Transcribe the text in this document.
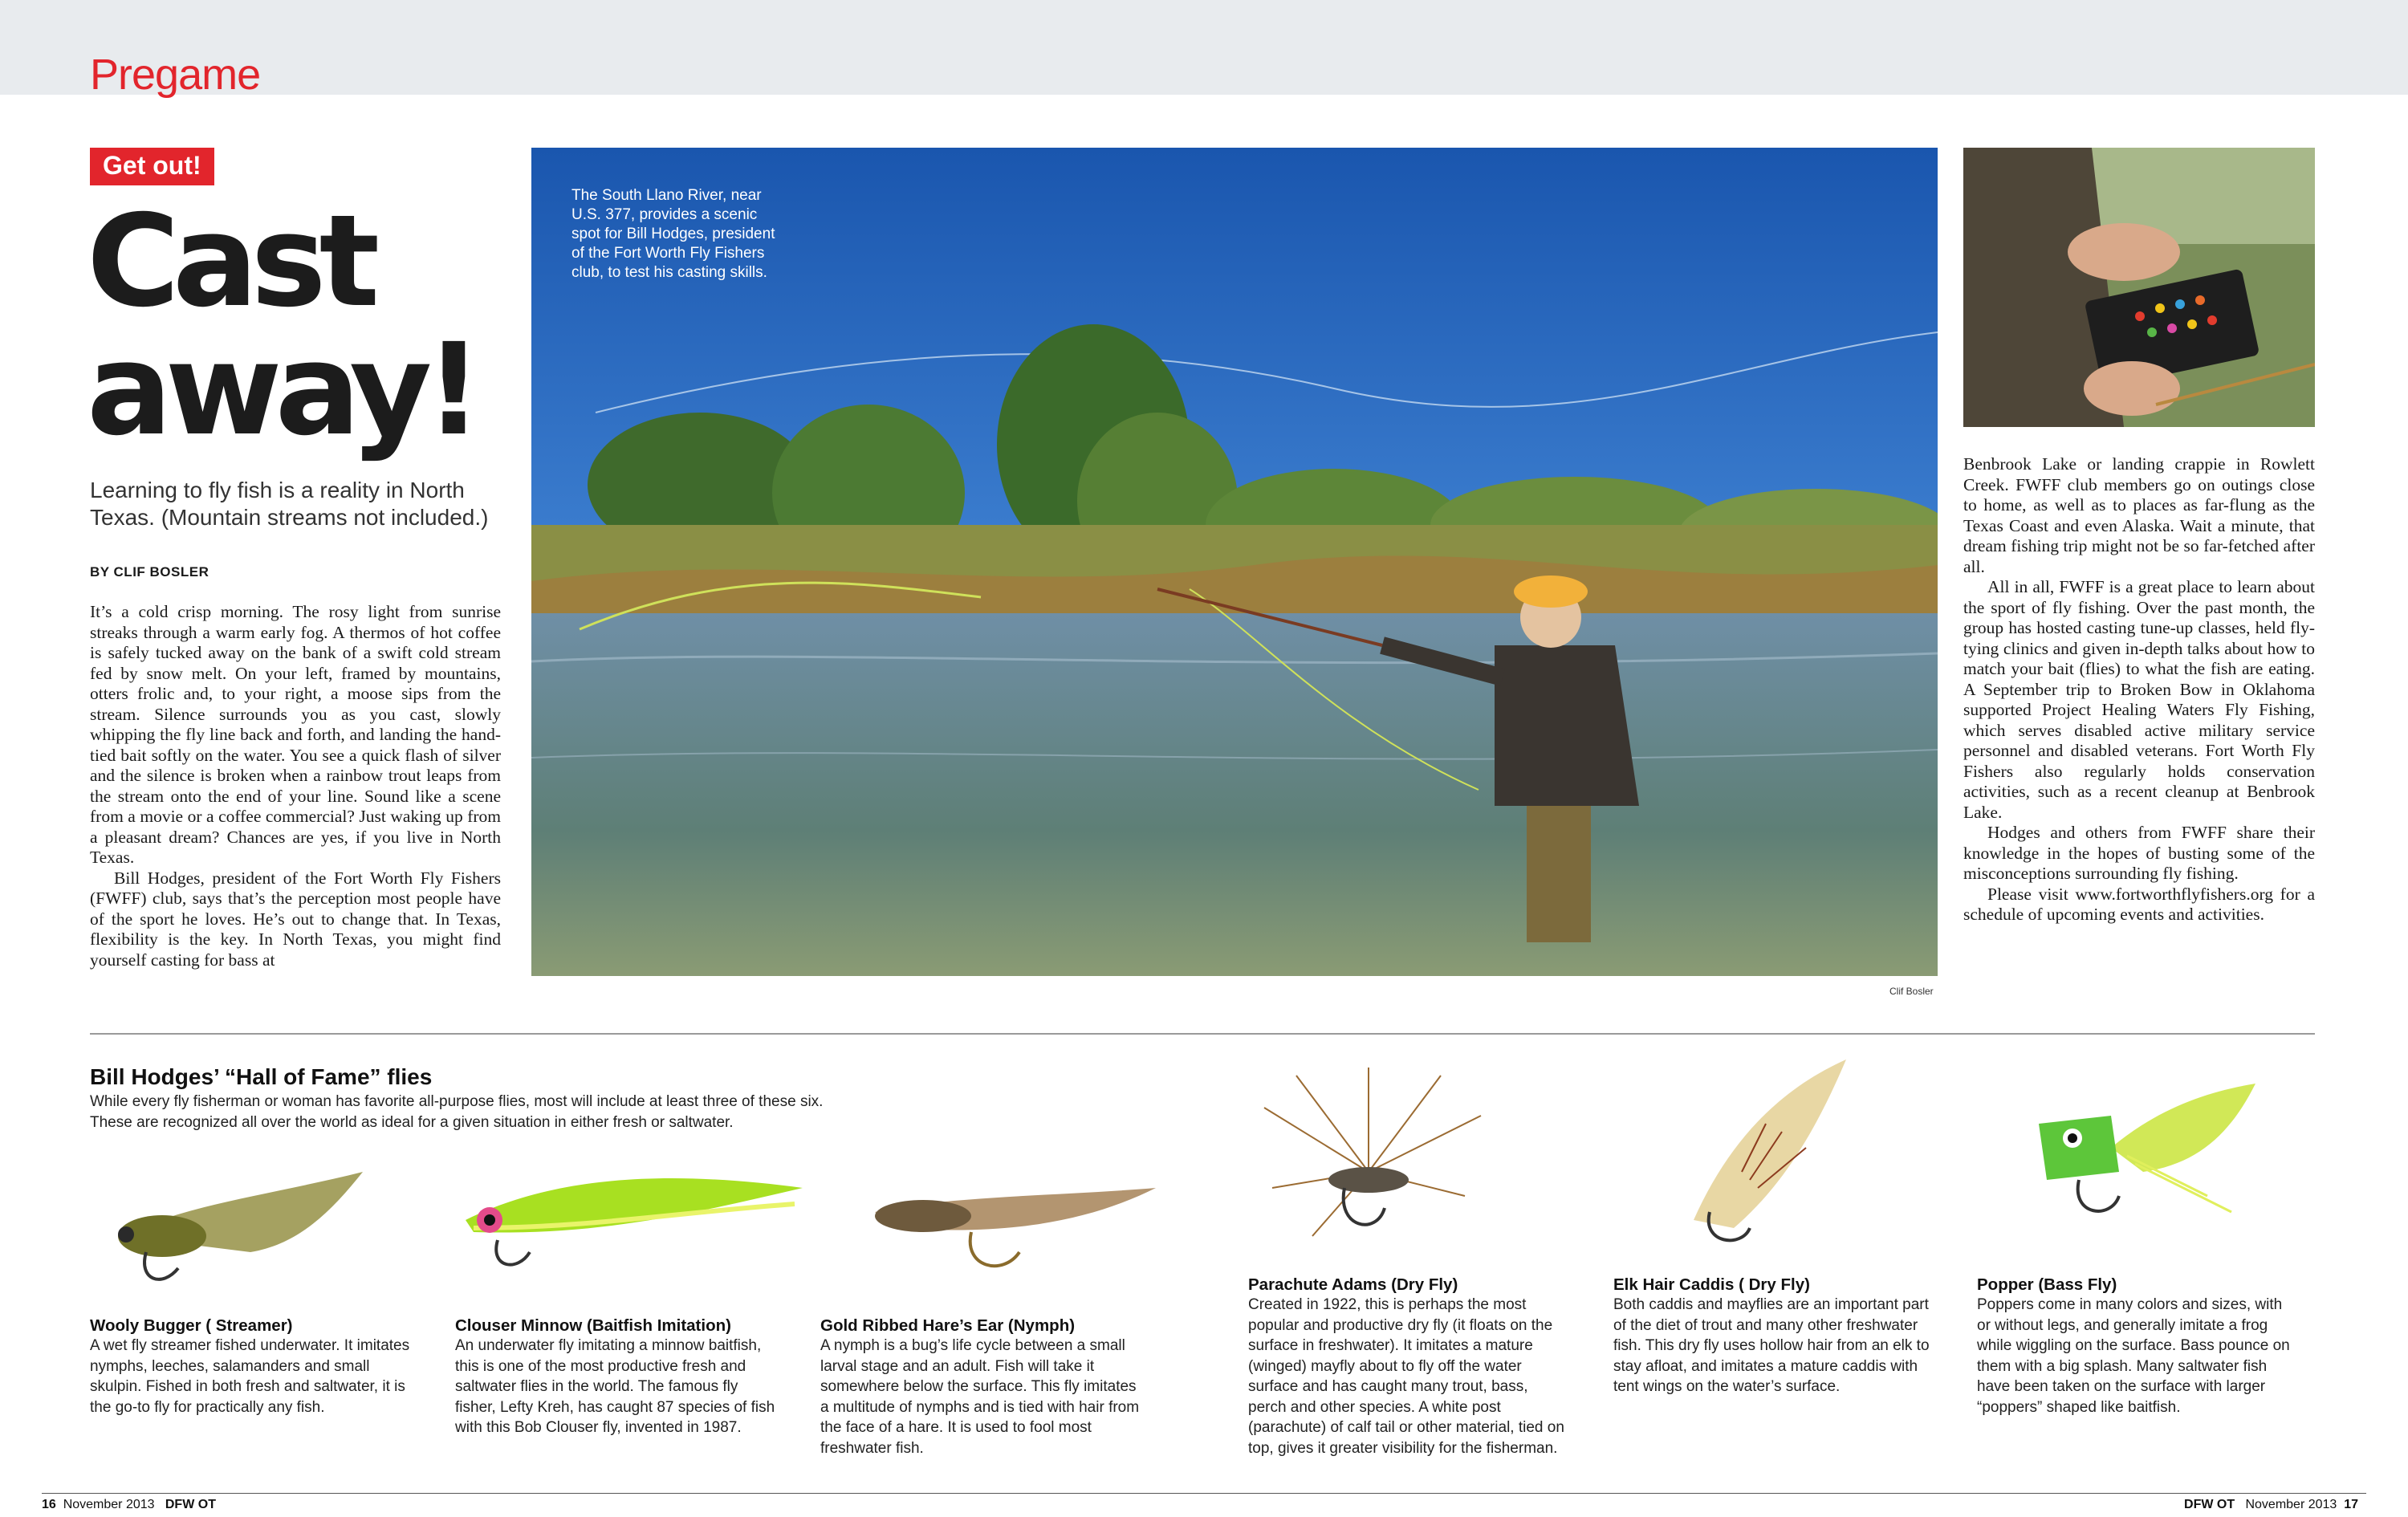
Pregame
Get out!
Cast
away!
Learning to fly fish is a reality in North Texas. (Mountain streams not included.)
BY CLIF BOSLER

It’s a cold crisp morning. The rosy light from sunrise streaks through a warm early fog. A thermos of hot coffee is safely tucked away on the bank of a swift cold stream fed by snow melt. On your left, framed by mountains, otters frolic and, to your right, a moose sips from the stream. Silence surrounds you as you cast, slowly whipping the fly line back and forth, and landing the hand-tied bait softly on the water. You see a quick flash of silver and the silence is broken when a rainbow trout leaps from the stream onto the end of your line. Sound like a scene from a movie or a coffee commercial? Just waking up from a pleasant dream? Chances are yes, if you live in North Texas.

Bill Hodges, president of the Fort Worth Fly Fishers (FWFF) club, says that’s the perception most people have of the sport he loves. He’s out to change that. In Texas, flexibility is the key. In North Texas, you might find yourself casting for bass at

The South Llano River, near U.S. 377, provides a scenic spot for Bill Hodges, president of the Fort Worth Fly Fishers club, to test his casting skills.
Clif Bosler

Benbrook Lake or landing crappie in Rowlett Creek. FWFF club members go on outings close to home, as well as to places as far-flung as the Texas Coast and even Alaska. Wait a minute, that dream fishing trip might not be so far-fetched after all.

All in all, FWFF is a great place to learn about the sport of fly fishing. Over the past month, the group has hosted casting tune-up classes, held fly-tying clinics and given in-depth talks about how to match your bait (flies) to what the fish are eating. A September trip to Broken Bow in Oklahoma supported Project Healing Waters Fly Fishing, which serves disabled active military service personnel and disabled veterans. Fort Worth Fly Fishers also regularly holds conservation activities, such as a recent cleanup at Benbrook Lake.

Hodges and others from FWFF share their knowledge in the hopes of busting some of the misconceptions surrounding fly fishing.

Please visit www.fortworthflyfishers.org for a schedule of upcoming events and activities.

Bill Hodges’ “Hall of Fame” flies
While every fly fisherman or woman has favorite all-purpose flies, most will include at least three of these six. These are recognized all over the world as ideal for a given situation in either fresh or saltwater.
Wooly Bugger ( Streamer)
A wet fly streamer fished underwater. It imitates nymphs, leeches, salamanders and small skulpin. Fished in both fresh and saltwater, it is the go-to fly for practically any fish.
Clouser Minnow (Baitfish Imitation)
An underwater fly imitating a minnow baitfish, this is one of the most productive fresh and saltwater flies in the world. The famous fly fisher, Lefty Kreh, has caught 87 species of fish with this Bob Clouser fly, invented in 1987.
Gold Ribbed Hare’s Ear (Nymph)
A nymph is a bug’s life cycle between a small larval stage and an adult. Fish will take it somewhere below the surface. This fly imitates a multitude of nymphs and is tied with hair from the face of a hare. It is used to fool most freshwater fish.
Parachute Adams (Dry Fly)
Created in 1922, this is perhaps the most popular and productive dry fly (it floats on the surface in freshwater). It imitates a mature (winged) mayfly about to fly off the water surface and has caught many trout, bass, perch and other species. A white post (parachute) of calf tail or other material, tied on top, gives it greater visibility for the fisherman.
Elk Hair Caddis ( Dry Fly)
Both caddis and mayflies are an important part of the diet of trout and many other freshwater fish. This dry fly uses hollow hair from an elk to stay afloat, and imitates a mature caddis with tent wings on the water’s surface.
Popper (Bass Fly)
Poppers come in many colors and sizes, with or without legs, and generally imitate a frog while wiggling on the surface. Bass pounce on them with a big splash. Many saltwater fish have been taken on the surface with larger “poppers” shaped like baitfish.
16 November 2013 DFW OT	DFW OT November 2013 17
